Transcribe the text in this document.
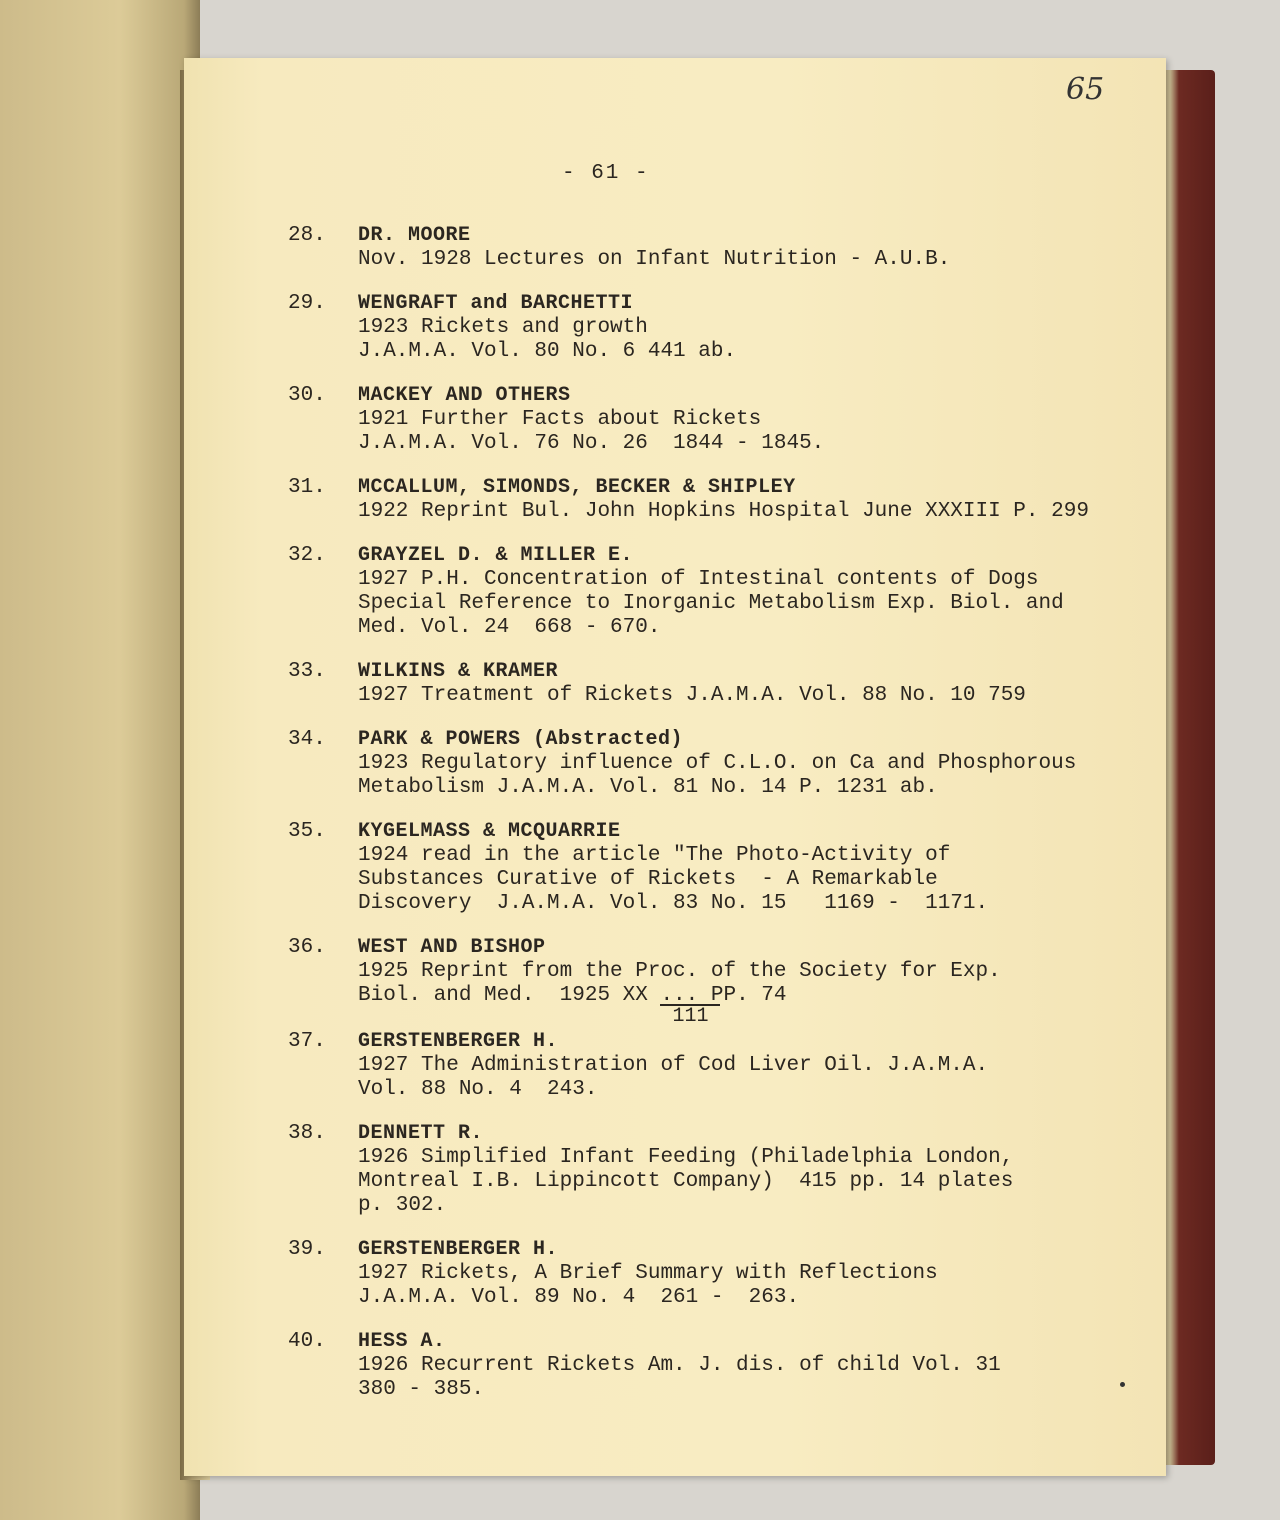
65
- 61 -
28. DR. MOORE
Nov. 1928 Lectures on Infant Nutrition - A.U.B.
29. WENGRAFT and BARCHETTI
1923 Rickets and growth
J.A.M.A. Vol. 80 No. 6 441 ab.
30. MACKEY AND OTHERS
1921 Further Facts about Rickets
J.A.M.A. Vol. 76 No. 26  1844 - 1845.
31. MCCALLUM, SIMONDS, BECKER & SHIPLEY
1922 Reprint Bul. John Hopkins Hospital June XXXIII P. 299
32. GRAYZEL D. & MILLER E.
1927 P.H. Concentration of Intestinal contents of Dogs
Special Reference to Inorganic Metabolism Exp. Biol. and
Med. Vol. 24  668 - 670.
33. WILKINS & KRAMER
1927 Treatment of Rickets J.A.M.A. Vol. 88 No. 10 759
34. PARK & POWERS (Abstracted)
1923 Regulatory influence of C.L.O. on Ca and Phosphorous
Metabolism J.A.M.A. Vol. 81 No. 14 P. 1231 ab.
35. KYGELMASS & MCQUARRIE
1924 read in the article "The Photo-Activity of
Substances Curative of Rickets  - A Remarkable
Discovery  J.A.M.A. Vol. 83 No. 15   1169 -  1171.
36. WEST AND BISHOP
1925 Reprint from the Proc. of the Society for Exp.
Biol. and Med.  1925 XX $\frac{...}{111}$ PP. 74
37. GERSTENBERGER H.
1927 The Administration of Cod Liver Oil. J.A.M.A.
Vol. 88 No. 4  243.
38. DENNETT R.
1926 Simplified Infant Feeding (Philadelphia London,
Montreal I.B. Lippincott Company)  415 pp. 14 plates
p. 302.
39. GERSTENBERGER H.
1927 Rickets, A Brief Summary with Reflections
J.A.M.A. Vol. 89 No. 4  261 -  263.
40. HESS A.
1926 Recurrent Rickets Am. J. dis. of child Vol. 31
380 - 385.
